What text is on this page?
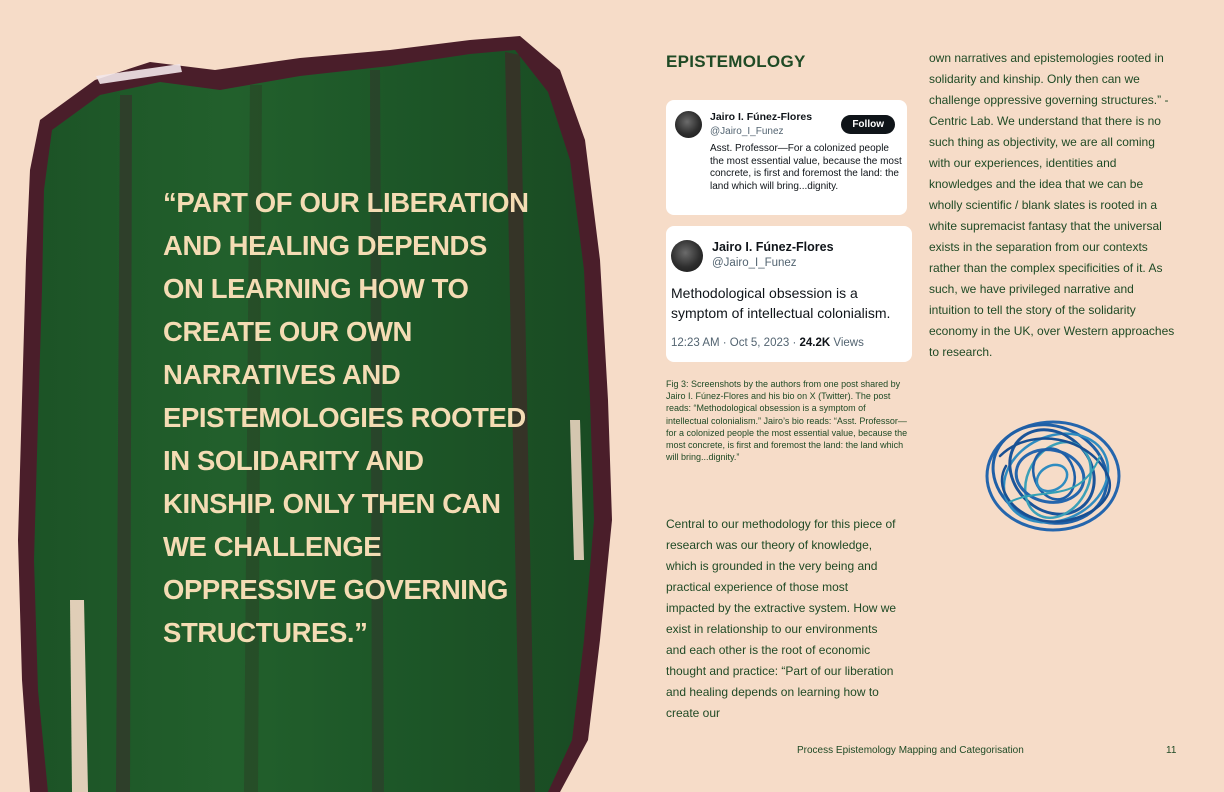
“PART OF OUR LIBERATION AND HEALING DEPENDS ON LEARNING HOW TO CREATE OUR OWN NARRATIVES AND EPISTEMOLOGIES ROOTED IN SOLIDARITY AND KINSHIP. ONLY THEN CAN WE CHALLENGE OPPRESSIVE GOVERNING STRUCTURES.”
EPISTEMOLOGY
Jairo I. Fúnez-Flores
@Jairo_I_Funez
Follow
Asst. Professor—For a colonized people the most essential value, because the most concrete, is first and foremost the land: the land which will bring...dignity.
Jairo I. Fúnez-Flores
@Jairo_I_Funez
Methodological obsession is a symptom of intellectual colonialism.
12:23 AM · Oct 5, 2023 · 24.2K Views
Fig 3: Screenshots by the authors from one post shared by Jairo I. Fúnez-Flores and his bio on X (Twitter). The post reads: “Methodological obsession is a symptom of intellectual colonialism.” Jairo’s bio reads: “Asst. Professor—for a colonized people the most essential value, because the most concrete, is first and foremost the land: the land which will bring...dignity.”
Central to our methodology for this piece of research was our theory of knowledge, which is grounded in the very being and practical experience of those most impacted by the extractive system. How we exist in relationship to our environments and each other is the root of economic thought and practice: “Part of our liberation and healing depends on learning how to create our
own narratives and epistemologies rooted in solidarity and kinship. Only then can we challenge oppressive governing structures.” - Centric Lab. We understand that there is no such thing as objectivity, we are all coming with our experiences, identities and knowledges and the idea that we can be wholly scientific / blank slates is rooted in a white supremacist fantasy that the universal exists in the separation from our contexts rather than the complex specificities of it. As such, we have privileged narrative and intuition to tell the story of the solidarity economy in the UK, over Western approaches to research.
Process Epistemology Mapping and Categorisation	11
